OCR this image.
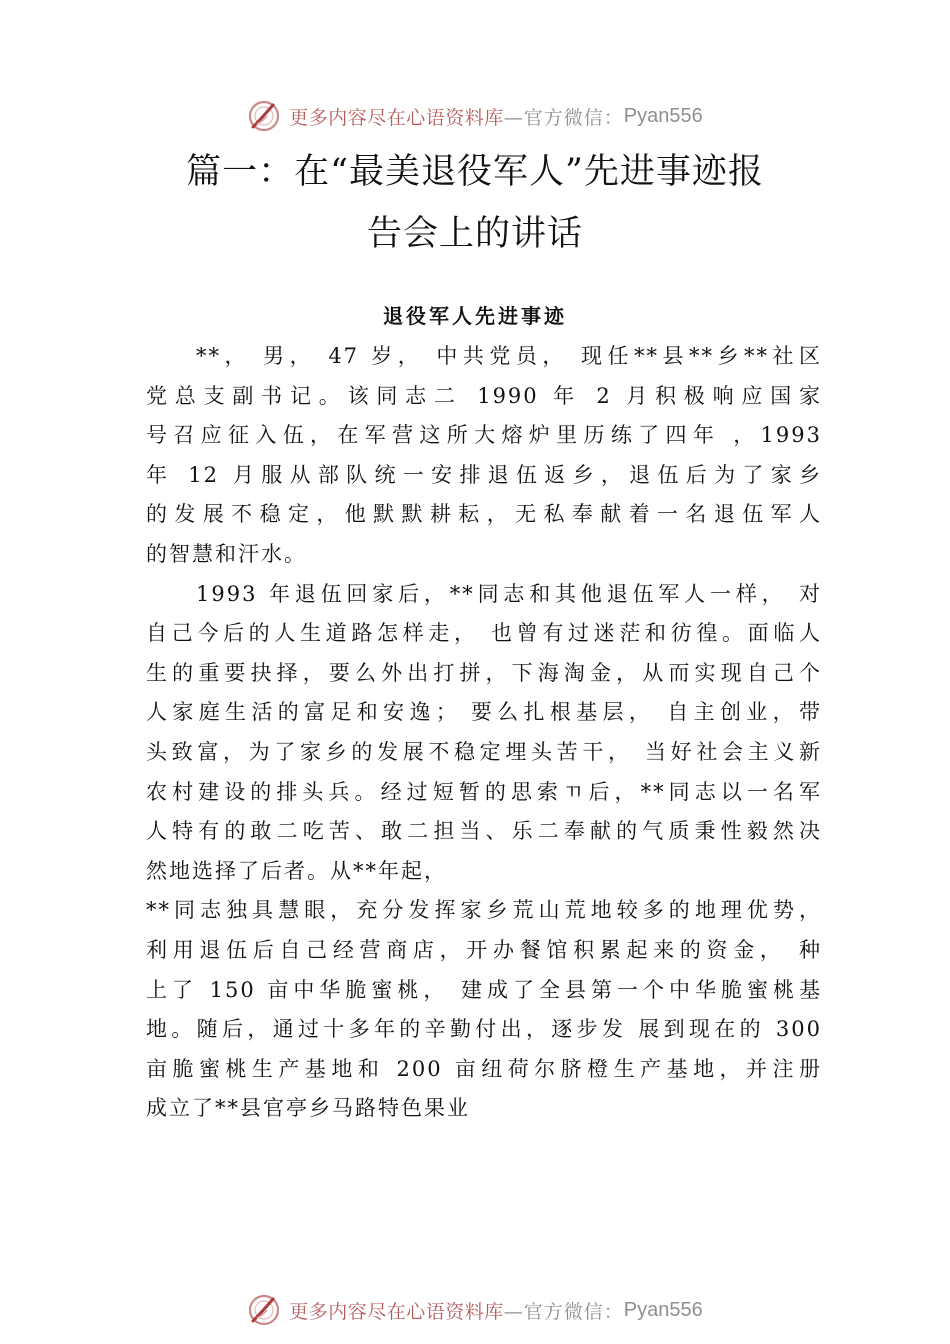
更多内容尽在心语资料库 —官方微信： Pyan556
篇一：在“最美退役军人”先进事迹报
告会上的讲话
退役军人先进事迹
**， 男， 47 岁， 中共党员， 现任**县**乡**社区
党总支副书记。该同志二 1990 年 2 月积极响应国家
号召应征入伍，在军营这所大熔炉里历练了四年 ，1993
年 12 月服从部队统一安排退伍返乡，退伍后为了家乡
的发展不稳定，他默默耕耘，无私奉献着一名退伍军人
的智慧和汗水。
1993 年退伍回家后，**同志和其他退伍军人一样， 对
自己今后的人生道路怎样走， 也曾有过迷茫和彷徨。面临人
生的重要抉择，要么外出打拼，下海淘金，从而实现自己个
人家庭生活的富足和安逸； 要么扎根基层， 自主创业，带
头致富，为了家乡的发展不稳定埋头苦干， 当好社会主义新
农村建设的排头兵。经过短暂的思索ㄲ后，**同志以一名军
人特有的敢二吃苦、敢二担当、乐二奉献的气质秉性毅然决
然地选择了后者。从**年起，
**同志独具慧眼，充分发挥家乡荒山荒地较多的地理优势，
利用退伍后自己经营商店，开办餐馆积累起来的资金， 种
上了 150 亩中华脆蜜桃， 建成了全县第一个中华脆蜜桃基
地。随后，通过十多年的辛勤付出，逐步发 展到现在的 300
亩脆蜜桃生产基地和 200 亩纽荷尔脐橙生产基地，并注册
成立了**县官亭乡马路特色果业
更多内容尽在心语资料库 —官方微信： Pyan556
